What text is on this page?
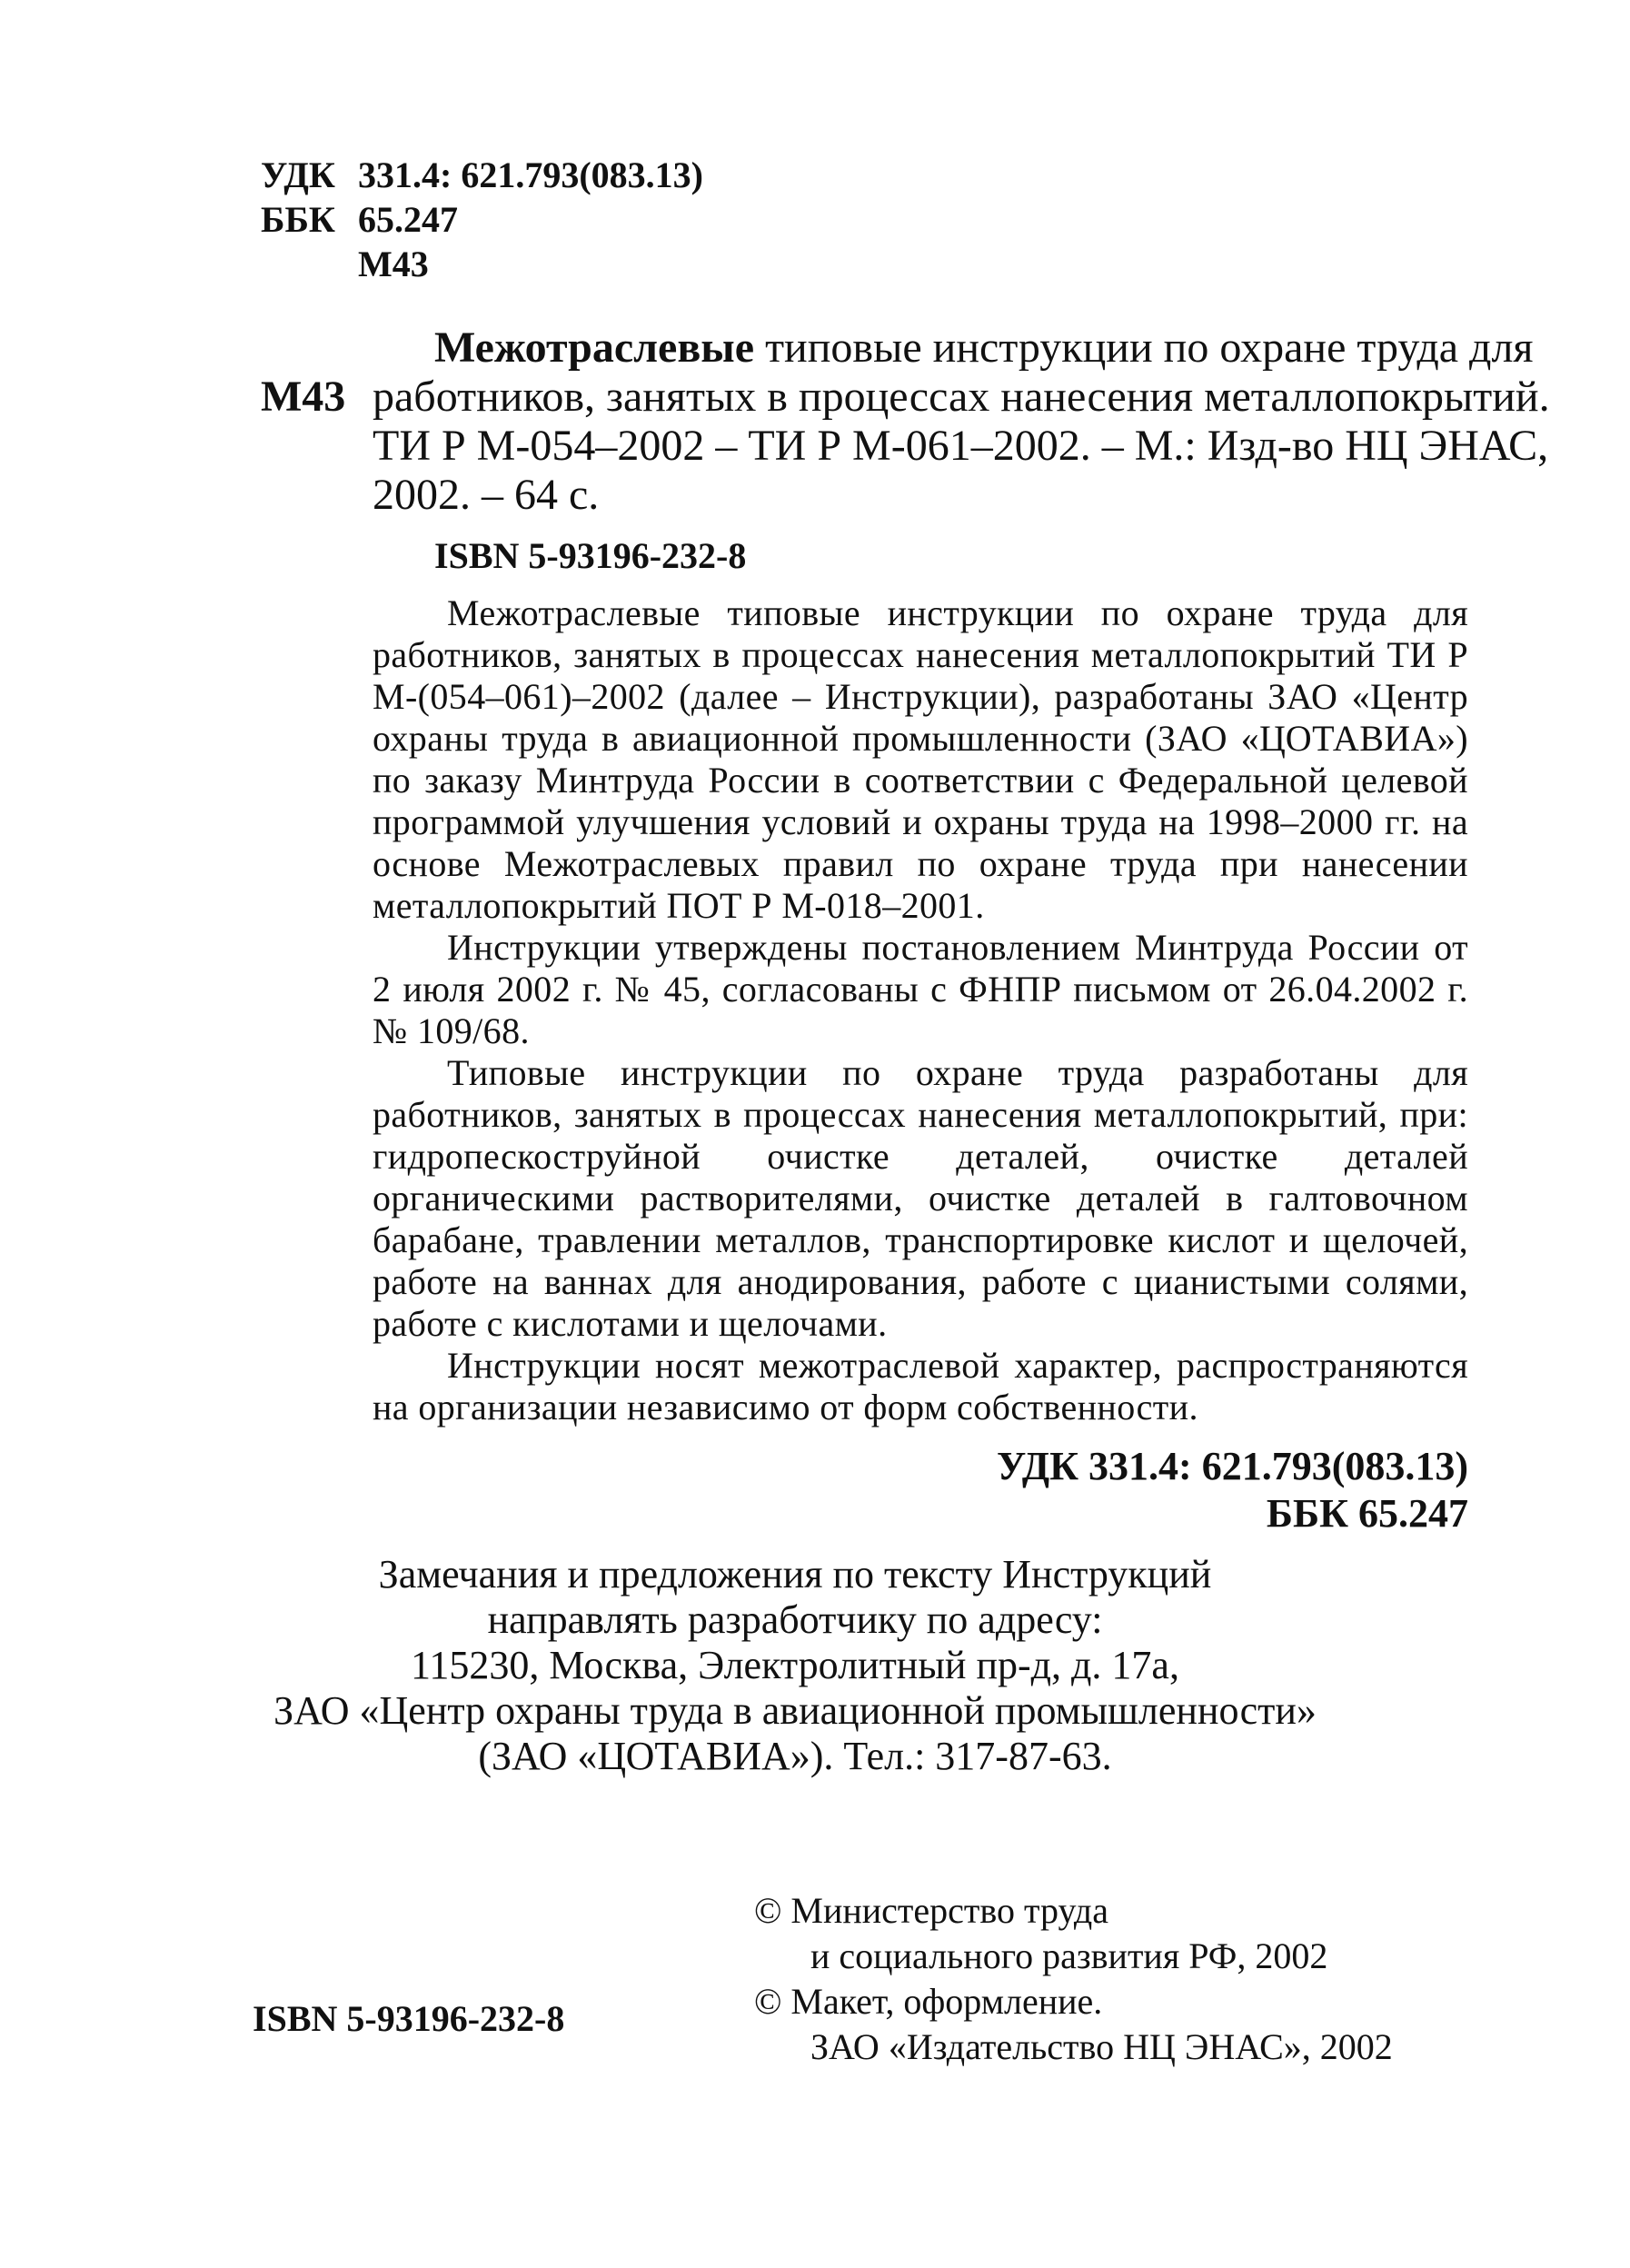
УДК 331.4: 621.793(083.13)
ББК 65.247
М43
М43
Межотраслевые типовые инструкции по охране труда для
работников, занятых в процессах нанесения металлопокрытий.
ТИ Р М-054–2002 – ТИ Р М-061–2002. – М.: Изд-во НЦ ЭНАС,
2002. – 64 с.
ISBN 5-93196-232-8
Межотраслевые типовые инструкции по охране труда для работников, занятых в процессах нанесения металлопокрытий ТИ Р М-(054–061)–2002 (далее – Инструкции), разработаны ЗАО «Центр охраны труда в авиационной промышленности (ЗАО «ЦОТАВИА») по заказу Минтруда России в соответствии с Федеральной целевой программой улучшения условий и охраны труда на 1998–2000 гг. на основе Межотраслевых правил по охране труда при нанесении металлопокрытий ПОТ Р М-018–2001.
Инструкции утверждены постановлением Минтруда России от 2 июля 2002 г. № 45, согласованы с ФНПР письмом от 26.04.2002 г. № 109/68.
Типовые инструкции по охране труда разработаны для работников, занятых в процессах нанесения металлопокрытий, при: гидропескоструйной очистке деталей, очистке деталей органическими растворителями, очистке деталей в галтовочном барабане, травлении металлов, транспортировке кислот и щелочей, работе на ваннах для анодирования, работе с цианистыми солями, работе с кислотами и щелочами.
Инструкции носят межотраслевой характер, распространяются на организации независимо от форм собственности.
УДК 331.4: 621.793(083.13)
ББК 65.247
Замечания и предложения по тексту Инструкций
направлять разработчику по адресу:
115230, Москва, Электролитный пр-д, д. 17а,
ЗАО «Центр охраны труда в авиационной промышленности»
(ЗАО «ЦОТАВИА»). Тел.: 317-87-63.
© Министерство труда
и социального развития РФ, 2002
© Макет, оформление.
ЗАО «Издательство НЦ ЭНАС», 2002
ISBN 5-93196-232-8
